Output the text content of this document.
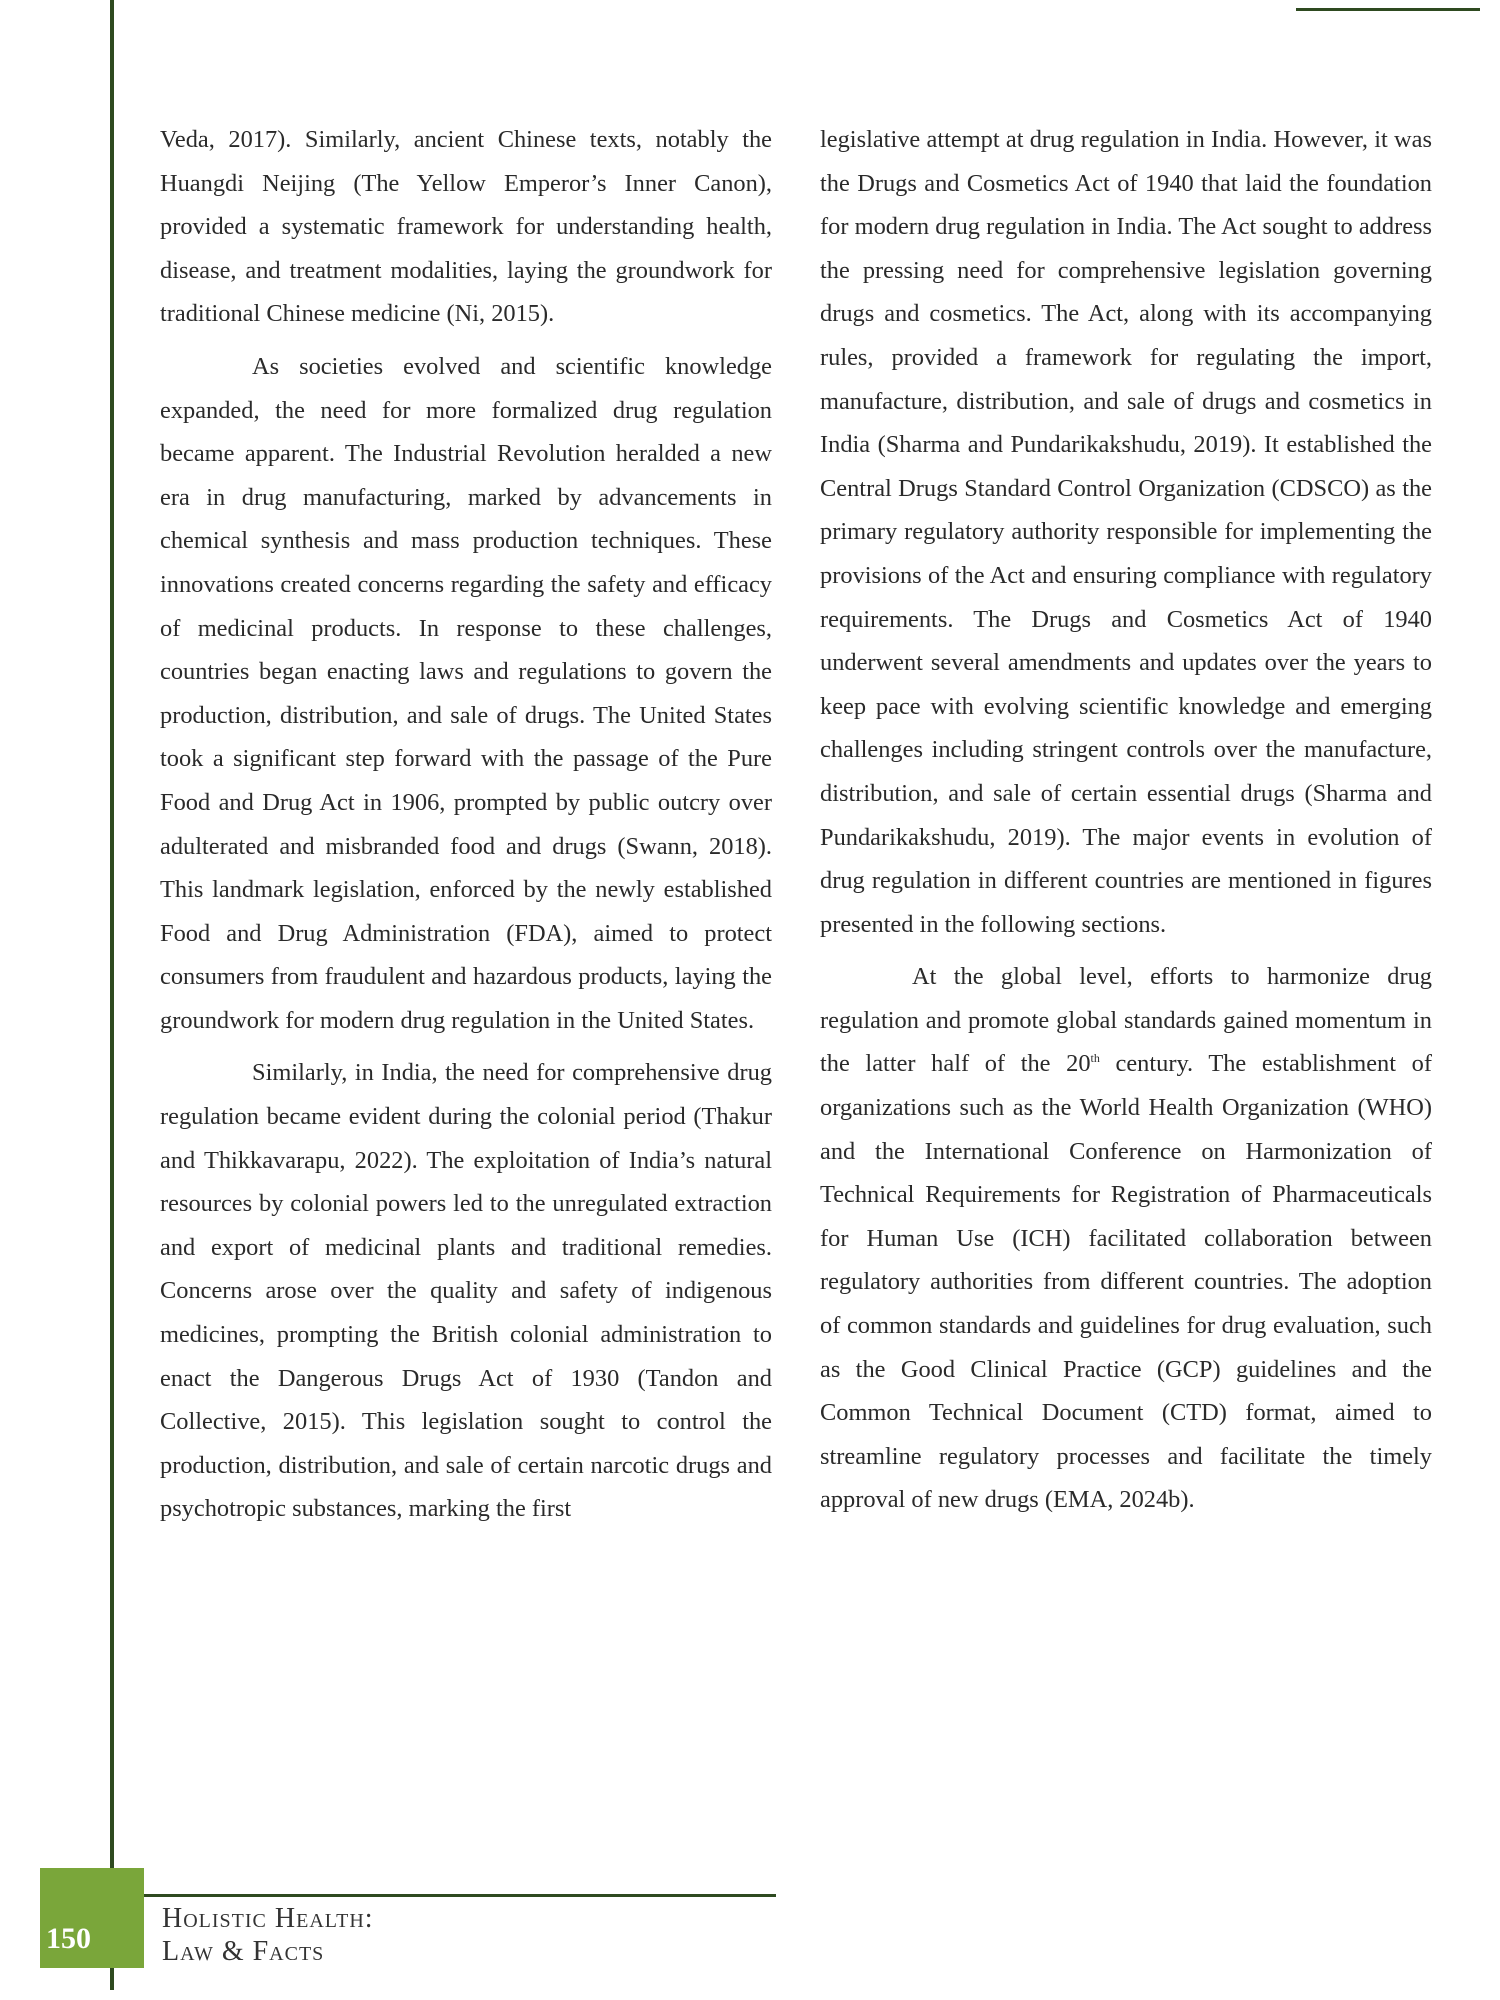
Veda, 2017). Similarly, ancient Chinese texts, notably the Huangdi Neijing (The Yellow Emperor’s Inner Canon), provided a systematic framework for understanding health, disease, and treatment modalities, laying the groundwork for traditional Chinese medicine (Ni, 2015).

As societies evolved and scientific knowledge expanded, the need for more formalized drug regulation became apparent. The Industrial Revolution heralded a new era in drug manufacturing, marked by advancements in chemical synthesis and mass production techniques. These innovations created concerns regarding the safety and efficacy of medicinal products. In response to these challenges, countries began enacting laws and regulations to govern the production, distribution, and sale of drugs. The United States took a significant step forward with the passage of the Pure Food and Drug Act in 1906, prompted by public outcry over adulterated and misbranded food and drugs (Swann, 2018). This landmark legislation, enforced by the newly established Food and Drug Administration (FDA), aimed to protect consumers from fraudulent and hazardous products, laying the groundwork for modern drug regulation in the United States.

Similarly, in India, the need for comprehensive drug regulation became evident during the colonial period (Thakur and Thikkavarapu, 2022). The exploitation of India’s natural resources by colonial powers led to the unregulated extraction and export of medicinal plants and traditional remedies. Concerns arose over the quality and safety of indigenous medicines, prompting the British colonial administration to enact the Dangerous Drugs Act of 1930 (Tandon and Collective, 2015). This legislation sought to control the production, distribution, and sale of certain narcotic drugs and psychotropic substances, marking the first

legislative attempt at drug regulation in India. However, it was the Drugs and Cosmetics Act of 1940 that laid the foundation for modern drug regulation in India. The Act sought to address the pressing need for comprehensive legislation governing drugs and cosmetics. The Act, along with its accompanying rules, provided a framework for regulating the import, manufacture, distribution, and sale of drugs and cosmetics in India (Sharma and Pundarikakshudu, 2019). It established the Central Drugs Standard Control Organization (CDSCO) as the primary regulatory authority responsible for implementing the provisions of the Act and ensuring compliance with regulatory requirements. The Drugs and Cosmetics Act of 1940 underwent several amendments and updates over the years to keep pace with evolving scientific knowledge and emerging challenges including stringent controls over the manufacture, distribution, and sale of certain essential drugs (Sharma and Pundarikakshudu, 2019). The major events in evolution of drug regulation in different countries are mentioned in figures presented in the following sections.

At the global level, efforts to harmonize drug regulation and promote global standards gained momentum in the latter half of the 20th century. The establishment of organizations such as the World Health Organization (WHO) and the International Conference on Harmonization of Technical Requirements for Registration of Pharmaceuticals for Human Use (ICH) facilitated collaboration between regulatory authorities from different countries. The adoption of common standards and guidelines for drug evaluation, such as the Good Clinical Practice (GCP) guidelines and the Common Technical Document (CTD) format, aimed to streamline regulatory processes and facilitate the timely approval of new drugs (EMA, 2024b).

150
Holistic Health:
Law & Facts
